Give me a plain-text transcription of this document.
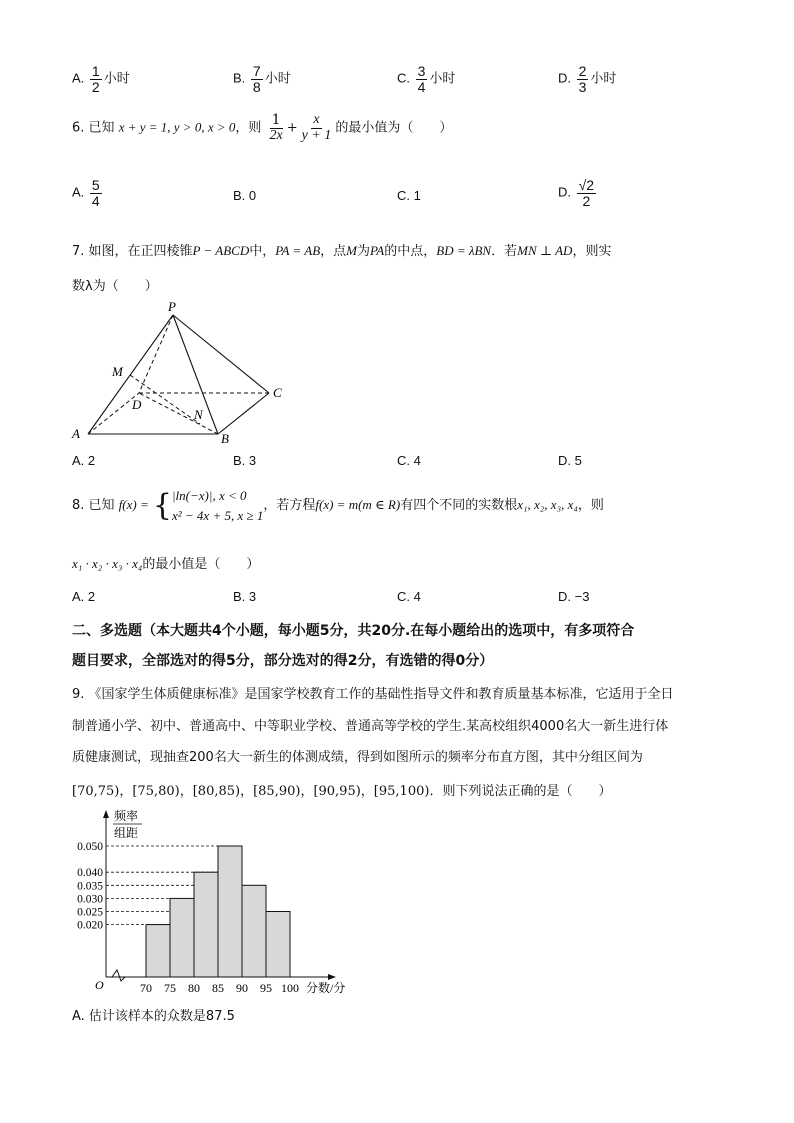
A. $\frac{1}{2}$ 小时	B. $\frac{7}{8}$ 小时	C. $\frac{3}{4}$ 小时	D. $\frac{2}{3}$ 小时
6. 已知 x + y = 1, y > 0, x > 0，则 $\frac{1}{2x} + \frac{x}{y + 1}$ 的最小值为（　　）
A. $\frac{5}{4}$	B. 0	C. 1	D. $\frac{√2}{2}$
7. 如图，在正四棱锥P − ABCD中，PA = AB，点M为PA的中点，BD = λBN．若MN ⊥ AD，则实
数λ为（　　）
P
M
D
C
N
A	B
A. 2	B. 3	C. 4	D. 5
8. 已知 f(x) = { |ln(−x)|, x < 0
x² − 4x + 5, x ≥ 1
，若方程f(x) = m(m ∈ R)有四个不同的实数根x₁, x₂, x₃, x₄，则
x₁ · x₂ · x₃ · x₄的最小值是（　　）
A. 2	B. 3	C. 4	D. −3
二、多选题（本大题共4个小题，每小题5分，共20分.在每小题给出的选项中，有多项符合
题目要求，全部选对的得5分，部分选对的得2分，有选错的得0分）
9. 《国家学生体质健康标准》是国家学校教育工作的基础性指导文件和教育质量基本标准，它适用于全日
制普通小学、初中、普通高中、中等职业学校、普通高等学校的学生.某高校组织4000名大一新生进行体
质健康测试，现抽查200名大一新生的体测成绩，得到如图所示的频率分布直方图，其中分组区间为
[70,75)，[75,80)，[80,85)，[85,90)，[90,95)，[95,100)．则下列说法正确的是（　　）
频率
组距
O	分数/分
0.050
0.040
0.035
0.030
0.025
0.020
70 75 80 85 90 95 100
A. 估计该样本的众数是87.5
